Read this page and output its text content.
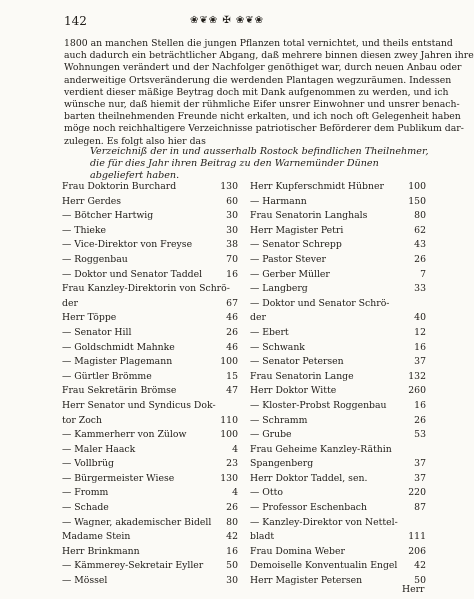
142	❀❦❀ ✠ ❀❦❀
1800 an manchen Stellen die jungen Pflanzen total vernichtet, und theils entstand
auch dadurch ein beträchtlicher Abgang, daß mehrere binnen diesen zwey Jahren ihre
Wohnungen verändert und der Nachfolger genöthiget war, durch neuen Anbau oder
anderweitige Ortsveränderung die werdenden Plantagen wegzuräumen. Indessen
verdient dieser mäßige Beytrag doch mit Dank aufgenommen zu werden, und ich
wünsche nur, daß hiemit der rühmliche Eifer unsrer Einwohner und unsrer benach-
barten theilnehmenden Freunde nicht erkalten, und ich noch oft Gelegenheit haben
möge noch reichhaltigere Verzeichnisse patriotischer Beförderer dem Publikum dar-
zulegen. Es folgt also hier das
Verzeichniß der in und ausserhalb Rostock befindlichen Theilnehmer,
die für dies Jahr ihren Beitrag zu den Warnemünder Dünen
abgeliefert haben.
Frau Doktorin Burchard	130
Herr Gerdes	60
— Bötcher Hartwig	30
— Thieke	30
— Vice-Direktor von Freyse	38
— Roggenbau	70
— Doktor und Senator Taddel	16
Frau Kanzley-Direktorin von Schrö-
der	67
Herr Töppe	46
— Senator Hill	26
— Goldschmidt Mahnke	46
— Magister Plagemann	100
— Gürtler Brömme	15
Frau Sekretärin Brömse	47
Herr Senator und Syndicus Dok-
tor Zoch	110
— Kammerherr von Zülow	100
— Maler Haack	4
— Vollbrüg	23
— Bürgermeister Wiese	130
— Fromm	4
— Schade	26
— Wagner, akademischer Bidell 80
Madame Stein	42
Herr Brinkmann	16
— Kämmerey-Sekretair Eyller 50
— Mössel	30
Herr Kupferschmidt Hübner	100
— Harmann	150
Frau Senatorin Langhals	80
Herr Magister Petri	62
— Senator Schrepp	43
— Pastor Stever	26
— Gerber Müller	7
— Langberg	33
— Doktor und Senator Schrö-
der	40
— Ebert	12
— Schwank	16
— Senator Petersen	37
Frau Senatorin Lange	132
Herr Doktor Witte	260
— Kloster-Probst Roggenbau	16
— Schramm	26
— Grube	53
Frau Geheime Kanzley-Räthin
Spangenberg	37
Herr Doktor Taddel, sen.	37
— Otto	220
— Professor Eschenbach	87
— Kanzley-Direktor von Nettel-
bladt	111
Frau Domina Weber	206
Demoiselle Konventualin Engel 42
Herr Magister Petersen	50
Herr
